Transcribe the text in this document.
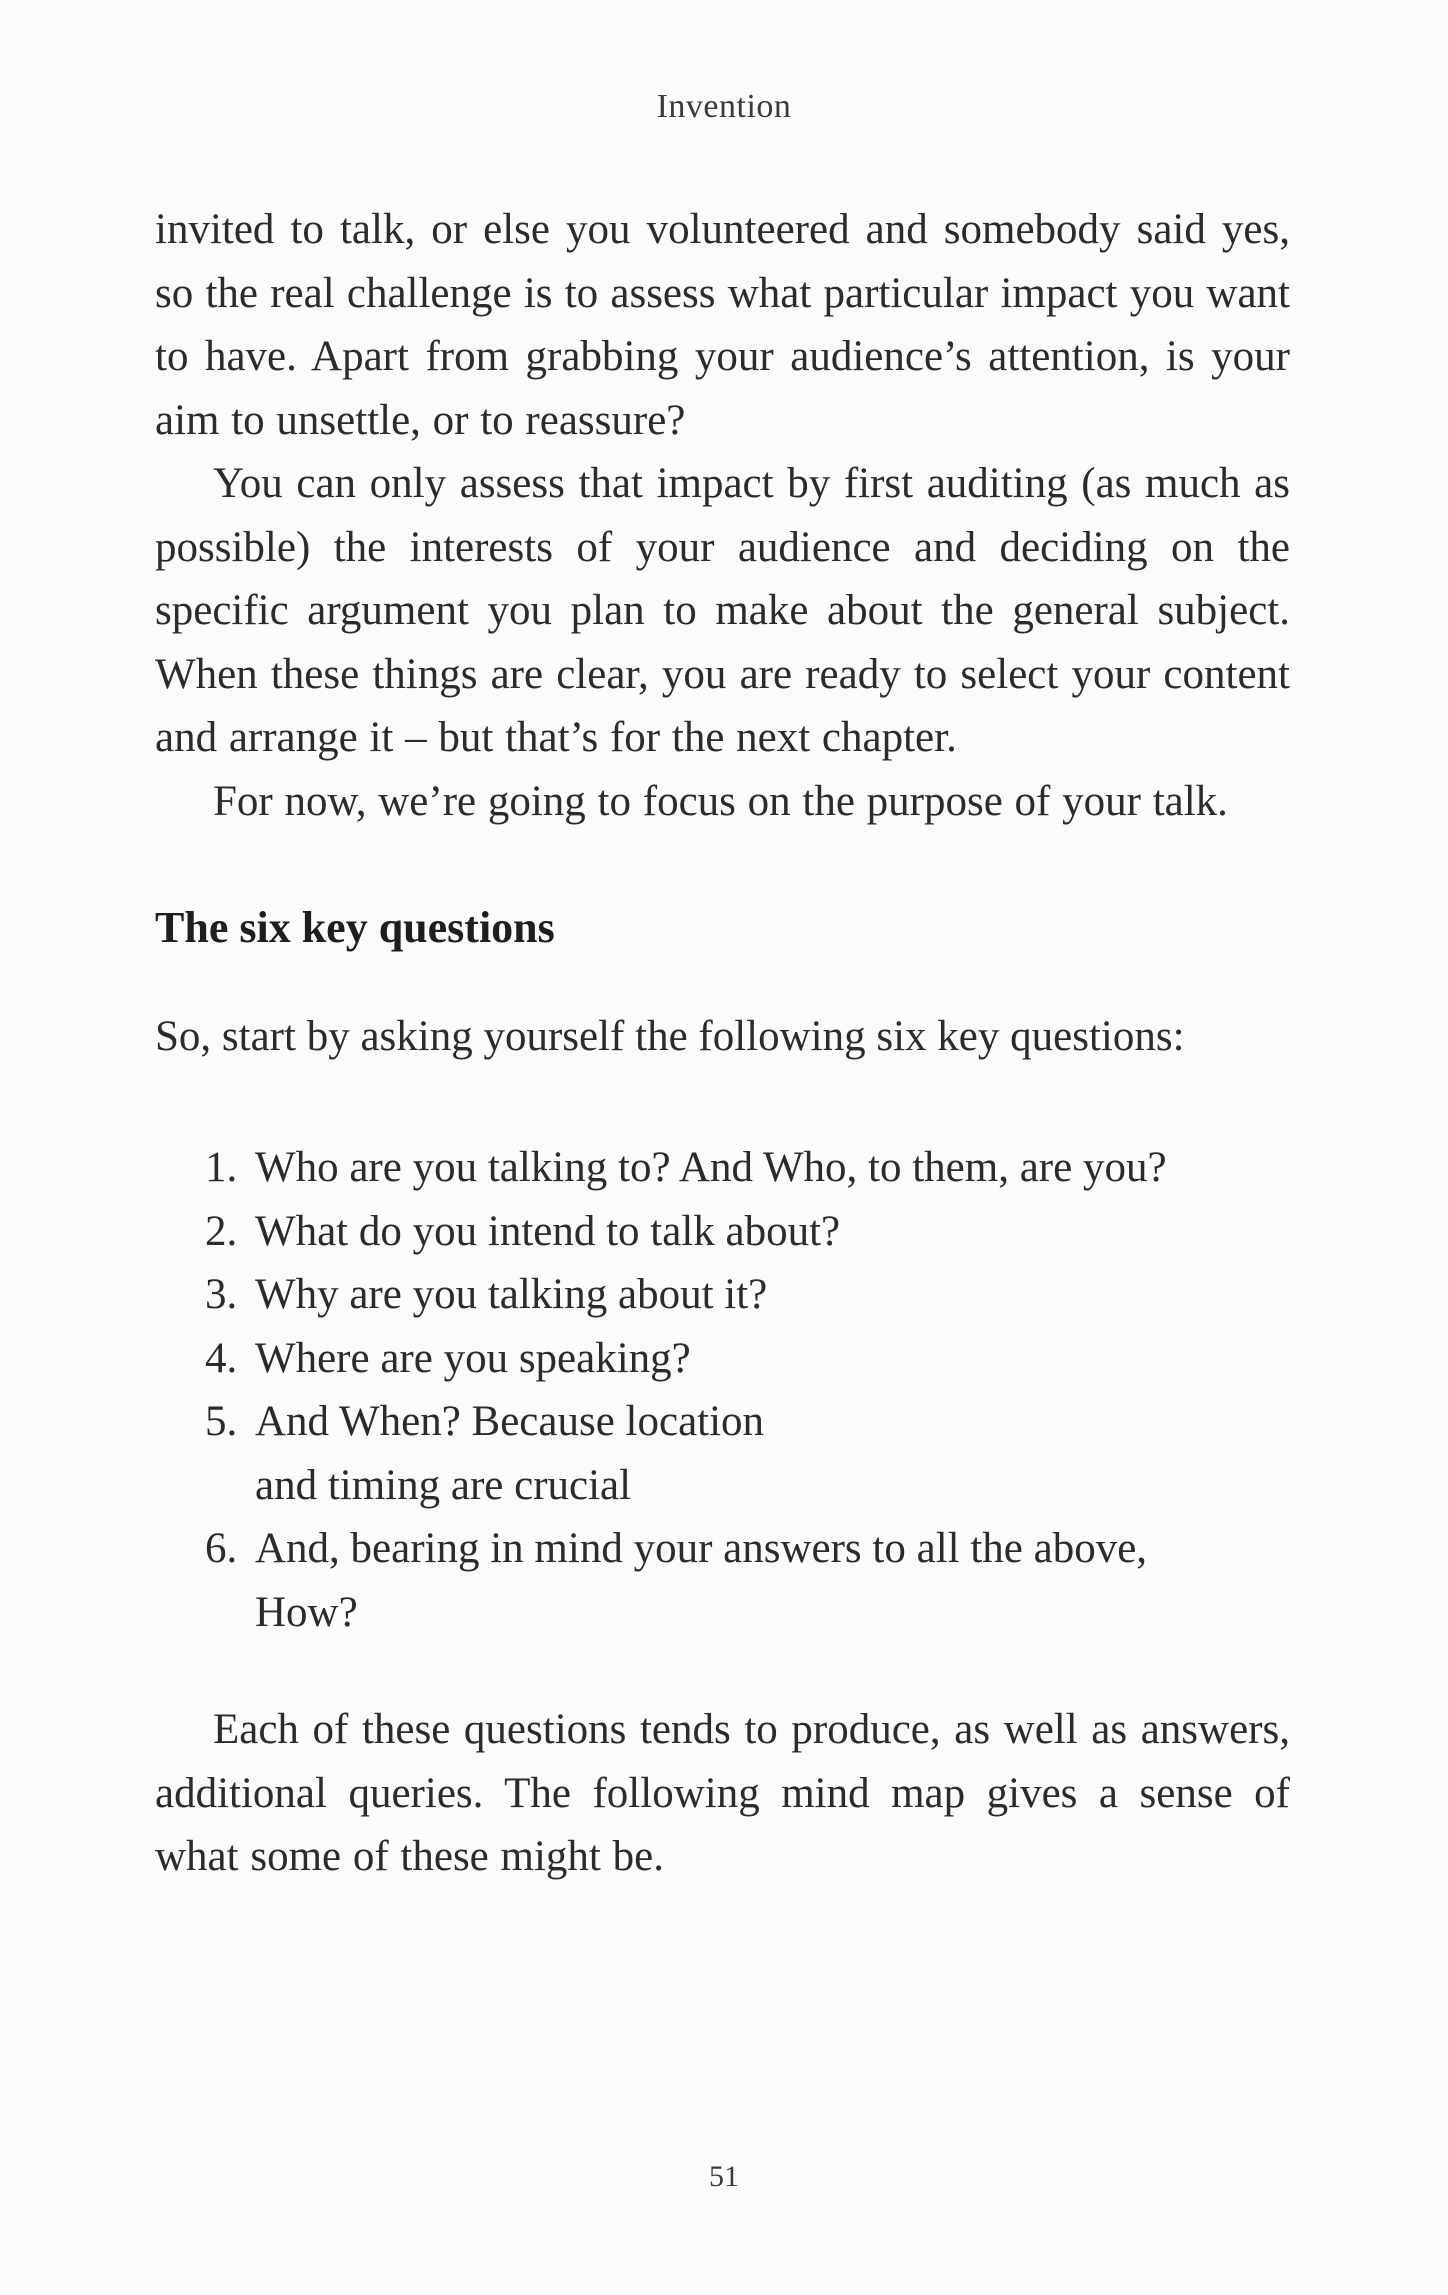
Invention

invited to talk, or else you volunteered and somebody said yes, so the real challenge is to assess what particular impact you want to have. Apart from grabbing your audience’s attention, is your aim to unsettle, or to reassure?

You can only assess that impact by first auditing (as much as possible) the interests of your audience and deciding on the specific argument you plan to make about the general subject. When these things are clear, you are ready to select your content and arrange it – but that’s for the next chapter.

For now, we’re going to focus on the purpose of your talk.

The six key questions

So, start by asking yourself the following six key questions:

1. Who are you talking to? And Who, to them, are you?
2. What do you intend to talk about?
3. Why are you talking about it?
4. Where are you speaking?
5. And When? Because location and timing are crucial
6. And, bearing in mind your answers to all the above, How?

Each of these questions tends to produce, as well as answers, additional queries. The following mind map gives a sense of what some of these might be.

51
